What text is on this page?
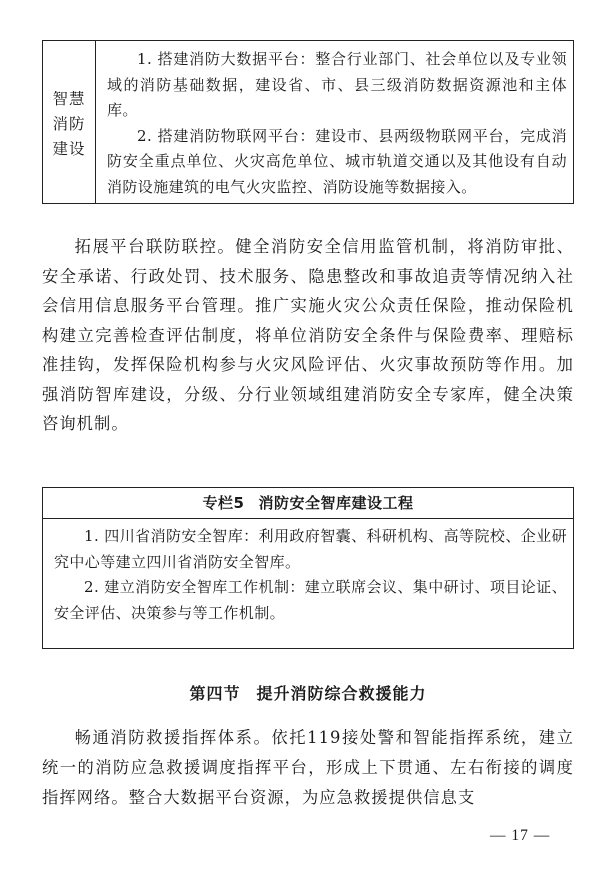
智慧
消防
建设

1. 搭建消防大数据平台：整合行业部门、社会单位以及专业领域的消防基础数据，建设省、市、县三级消防数据资源池和主体库。

2. 搭建消防物联网平台：建设市、县两级物联网平台，完成消防安全重点单位、火灾高危单位、城市轨道交通以及其他设有自动消防设施建筑的电气火灾监控、消防设施等数据接入。

拓展平台联防联控。健全消防安全信用监管机制，将消防审批、安全承诺、行政处罚、技术服务、隐患整改和事故追责等情况纳入社会信用信息服务平台管理。推广实施火灾公众责任保险，推动保险机构建立完善检查评估制度，将单位消防安全条件与保险费率、理赔标准挂钩，发挥保险机构参与火灾风险评估、火灾事故预防等作用。加强消防智库建设，分级、分行业领域组建消防安全专家库，健全决策咨询机制。

专栏5 消防安全智库建设工程

1. 四川省消防安全智库：利用政府智囊、科研机构、高等院校、企业研究中心等建立四川省消防安全智库。

2. 建立消防安全智库工作机制：建立联席会议、集中研讨、项目论证、安全评估、决策参与等工作机制。

第四节 提升消防综合救援能力

畅通消防救援指挥体系。依托119接处警和智能指挥系统，建立统一的消防应急救援调度指挥平台，形成上下贯通、左右衔接的调度指挥网络。整合大数据平台资源，为应急救援提供信息支

— 17 —
